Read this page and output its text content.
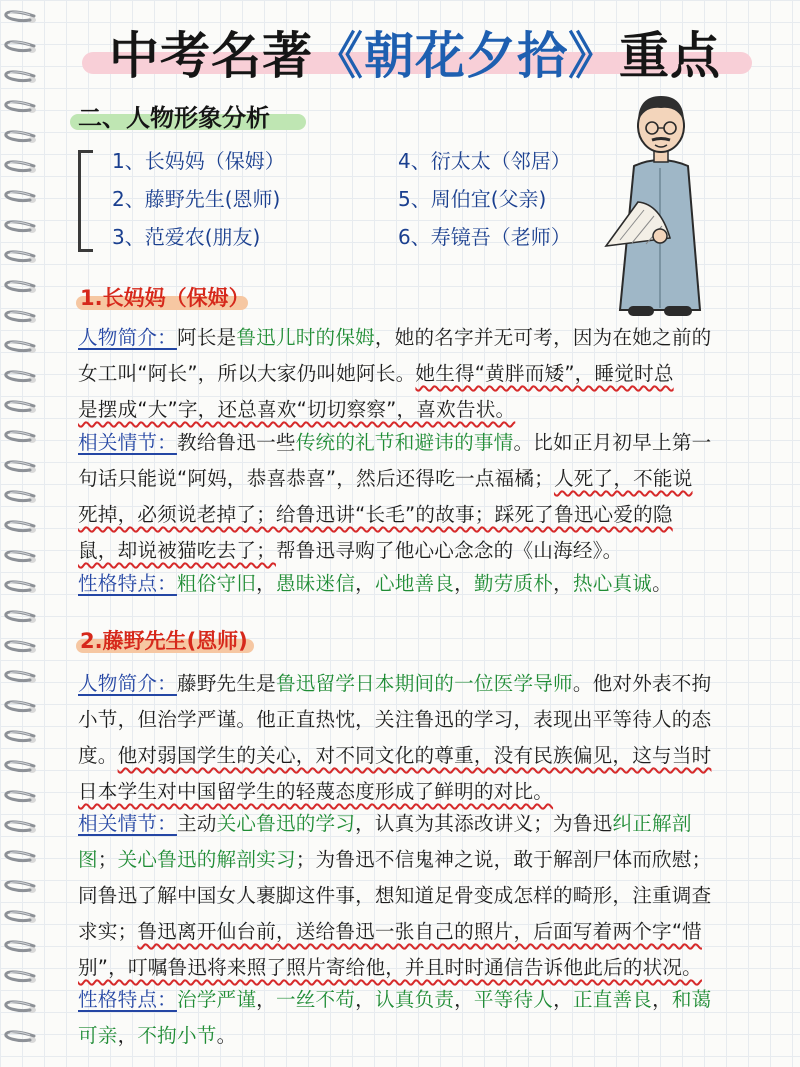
中考名著《朝花夕拾》重点
二、人物形象分析
1、长妈妈（保姆）
2、藤野先生(恩师)
3、范爱农(朋友)
4、衍太太（邻居）
5、周伯宜(父亲)
6、寿镜吾（老师）
1.长妈妈（保姆）
人物简介：阿长是鲁迅儿时的保姆，她的名字并无可考，因为在她之前的
女工叫“阿长”，所以大家仍叫她阿长。她生得“黄胖而矮”，睡觉时总
是摆成“大”字，还总喜欢“切切察察”，喜欢告状。
相关情节：教给鲁迅一些传统的礼节和避讳的事情。比如正月初早上第一
句话只能说“阿妈，恭喜恭喜”，然后还得吃一点福橘；人死了，不能说
死掉，必须说老掉了；给鲁迅讲“长毛”的故事；踩死了鲁迅心爱的隐
鼠，却说被猫吃去了；帮鲁迅寻购了他心心念念的《山海经》。
性格特点：粗俗守旧，愚昧迷信，心地善良，勤劳质朴，热心真诚。
2.藤野先生(恩师)
人物简介：藤野先生是鲁迅留学日本期间的一位医学导师。他对外表不拘
小节，但治学严谨。他正直热忱，关注鲁迅的学习，表现出平等待人的态
度。他对弱国学生的关心，对不同文化的尊重，没有民族偏见，这与当时
日本学生对中国留学生的轻蔑态度形成了鲜明的对比。
相关情节：主动关心鲁迅的学习，认真为其添改讲义；为鲁迅纠正解剖
图；关心鲁迅的解剖实习；为鲁迅不信鬼神之说，敢于解剖尸体而欣慰；
同鲁迅了解中国女人裹脚这件事，想知道足骨变成怎样的畸形，注重调查
求实；鲁迅离开仙台前，送给鲁迅一张自己的照片，后面写着两个字“惜
别”，叮嘱鲁迅将来照了照片寄给他，并且时时通信告诉他此后的状况。
性格特点：治学严谨，一丝不苟，认真负责，平等待人，正直善良，和蔼
可亲，不拘小节。
